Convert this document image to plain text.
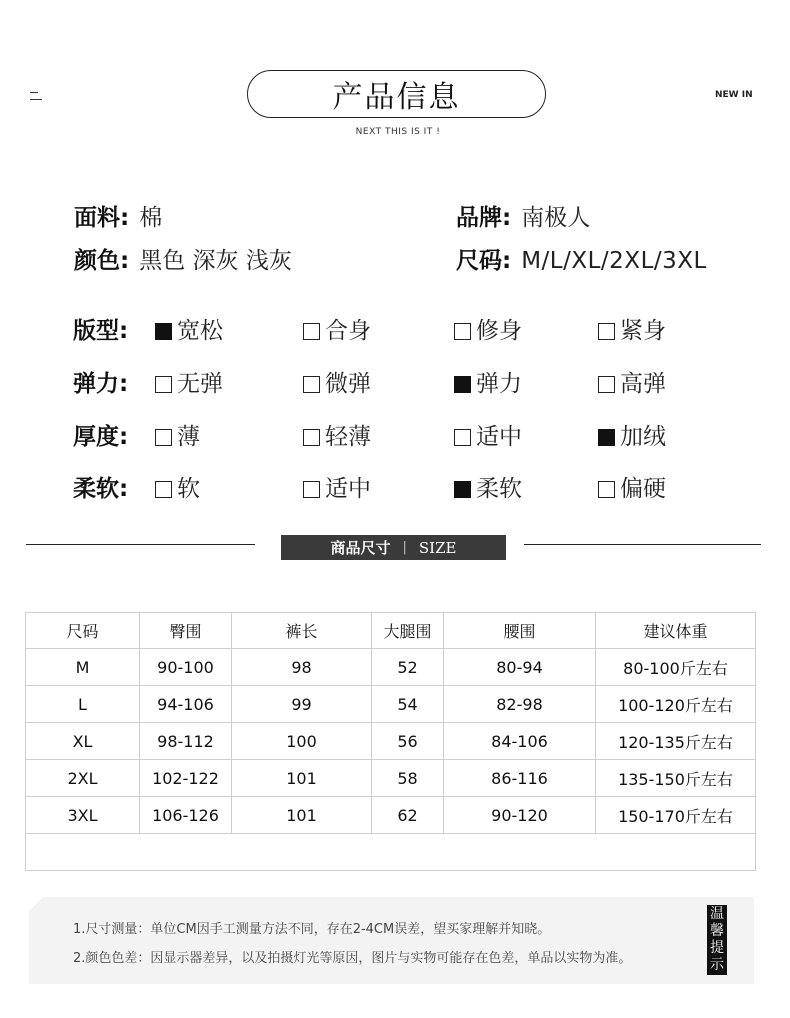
产品信息
NEXT THIS IS IT !
NEW IN
面料: 棉	品牌: 南极人
颜色: 黑色 深灰 浅灰	尺码: M/L/XL/2XL/3XL
版型: 宽松	合身	修身	紧身
弹力: 无弹	微弹	弹力	高弹
厚度: 薄	轻薄	适中	加绒
柔软: 软	适中	柔软	偏硬
商品尺寸 | SIZE
尺码	臀围	裤长	大腿围	腰围	建议体重
M	90-100	98	52	80-94	80-100斤左右
L	94-106	99	54	82-98	100-120斤左右
XL	98-112	100	56	84-106	120-135斤左右
2XL	102-122	101	58	86-116	135-150斤左右
3XL	106-126	101	62	90-120	150-170斤左右

1.尺寸测量：单位CM因手工测量方法不同，存在2-4CM误差，望买家理解并知晓。
2.颜色色差：因显示器差异，以及拍摄灯光等原因，图片与实物可能存在色差，单品以实物为准。
温馨提示
